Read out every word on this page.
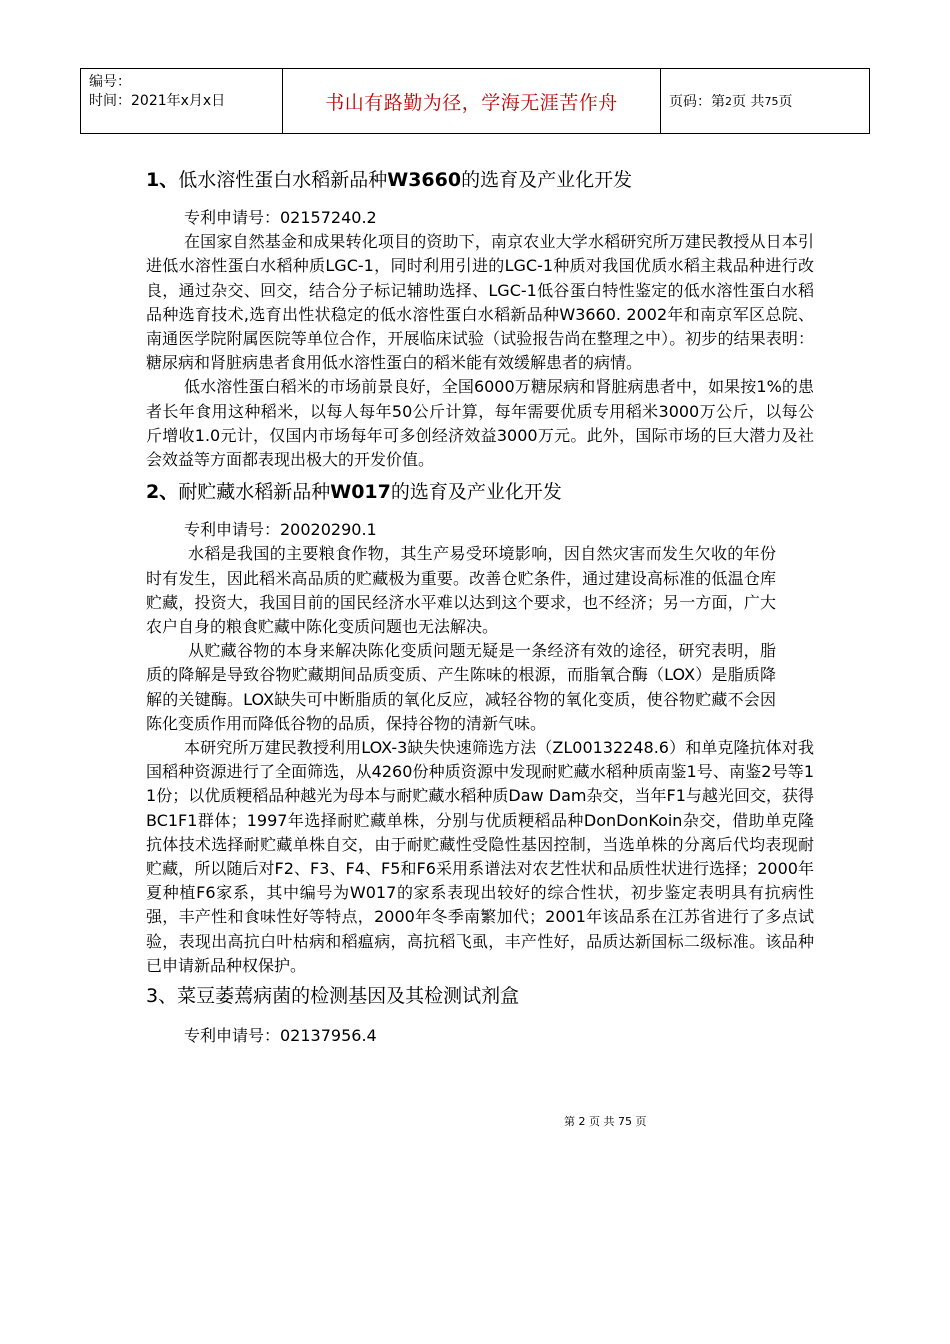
编号：
时间：2021年x月x日	书山有路勤为径，学海无涯苦作舟	页码：第 2 页 共 75 页
1、低水溶性蛋白水稻新品种W3660的选育及产业化开发

专利申请号：02157240.2

在国家自然基金和成果转化项目的资助下，南京农业大学水稻研究所万建民教授从日本引进低水溶性蛋白水稻种质LGC-1，同时利用引进的LGC-1种质对我国优质水稻主栽品种进行改良，通过杂交、回交，结合分子标记辅助选择、LGC-1低谷蛋白特性鉴定的低水溶性蛋白水稻品种选育技术,选育出性状稳定的低水溶性蛋白水稻新品种W3660. 2002年和南京军区总院、南通医学院附属医院等单位合作，开展临床试验（试验报告尚在整理之中）。初步的结果表明：糖尿病和肾脏病患者食用低水溶性蛋白的稻米能有效缓解患者的病情。

低水溶性蛋白稻米的市场前景良好，全国6000万糖尿病和肾脏病患者中，如果按1%的患者长年食用这种稻米，以每人每年50公斤计算，每年需要优质专用稻米3000万公斤，以每公斤增收1.0元计，仅国内市场每年可多创经济效益3000万元。此外，国际市场的巨大潜力及社会效益等方面都表现出极大的开发价值。

2、耐贮藏水稻新品种W017的选育及产业化开发

专利申请号：20020290.1

水稻是我国的主要粮食作物，其生产易受环境影响，因自然灾害而发生欠收的年份时有发生，因此稻米高品质的贮藏极为重要。改善仓贮条件，通过建设高标准的低温仓库贮藏，投资大，我国目前的国民经济水平难以达到这个要求，也不经济；另一方面，广大农户自身的粮食贮藏中陈化变质问题也无法解决。

从贮藏谷物的本身来解决陈化变质问题无疑是一条经济有效的途径，研究表明，脂质的降解是导致谷物贮藏期间品质变质、产生陈味的根源，而脂氧合酶（LOX）是脂质降解的关键酶。LOX缺失可中断脂质的氧化反应，减轻谷物的氧化变质，使谷物贮藏不会因陈化变质作用而降低谷物的品质，保持谷物的清新气味。

本研究所万建民教授利用LOX-3缺失快速筛选方法（ZL00132248.6）和单克隆抗体对我国稻种资源进行了全面筛选，从4260份种质资源中发现耐贮藏水稻种质南鉴1号、南鉴2号等11份；以优质粳稻品种越光为母本与耐贮藏水稻种质Daw Dam杂交，当年F1与越光回交，获得BC1F1群体；1997年选择耐贮藏单株，分别与优质粳稻品种DonDonKoin杂交，借助单克隆抗体技术选择耐贮藏单株自交，由于耐贮藏性受隐性基因控制，当选单株的分离后代均表现耐贮藏，所以随后对F2、F3、F4、F5和F6采用系谱法对农艺性状和品质性状进行选择；2000年夏种植F6家系，其中编号为W017的家系表现出较好的综合性状，初步鉴定表明具有抗病性强，丰产性和食味性好等特点，2000年冬季南繁加代；2001年该品系在江苏省进行了多点试验，表现出高抗白叶枯病和稻瘟病，高抗稻飞虱，丰产性好，品质达新国标二级标准。该品种已申请新品种权保护。

3、菜豆萎蔫病菌的检测基因及其检测试剂盒

专利申请号：02137956.4

第 2 页 共 75 页
